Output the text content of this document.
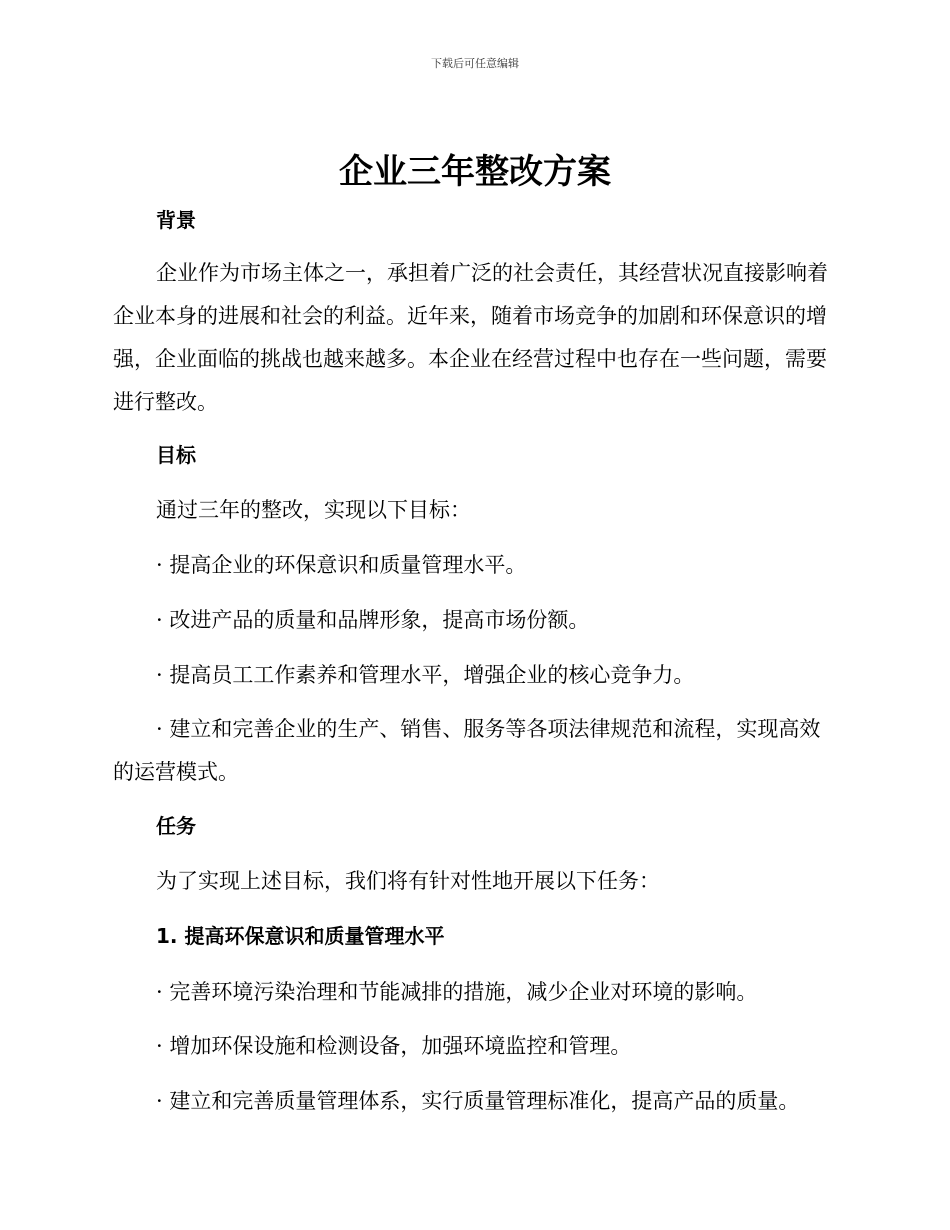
下载后可任意编辑
企业三年整改方案

背景

企业作为市场主体之一，承担着广泛的社会责任，其经营状况直接影响着企业本身的进展和社会的利益。近年来，随着市场竞争的加剧和环保意识的增强，企业面临的挑战也越来越多。本企业在经营过程中也存在一些问题，需要进行整改。

目标

通过三年的整改，实现以下目标：

· 提高企业的环保意识和质量管理水平。

· 改进产品的质量和品牌形象，提高市场份额。

· 提高员工工作素养和管理水平，增强企业的核心竞争力。

· 建立和完善企业的生产、销售、服务等各项法律规范和流程，实现高效的运营模式。

任务

为了实现上述目标，我们将有针对性地开展以下任务：

1. 提高环保意识和质量管理水平

· 完善环境污染治理和节能减排的措施，减少企业对环境的影响。

· 增加环保设施和检测设备，加强环境监控和管理。

· 建立和完善质量管理体系，实行质量管理标准化，提高产品的质量。
